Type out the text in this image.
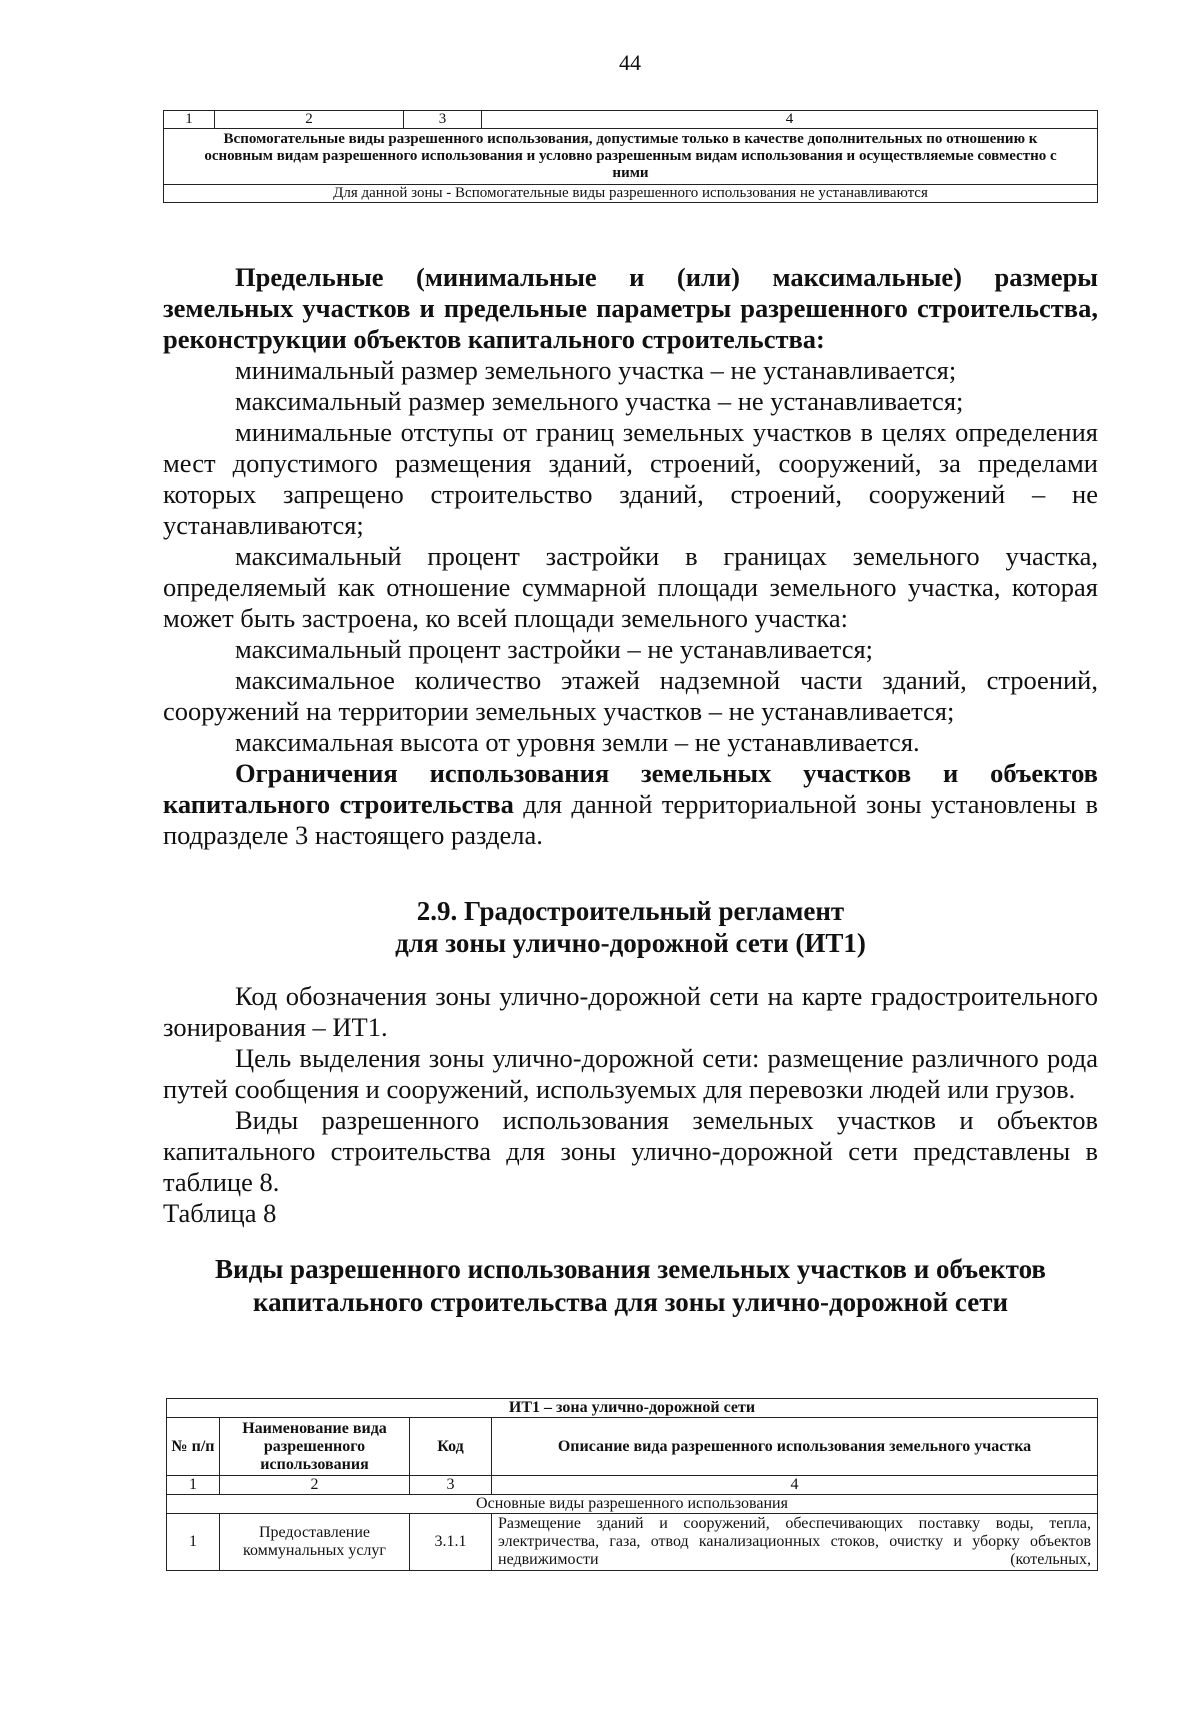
44
1	2	3	4
Вспомогательные виды разрешенного использования, допустимые только в качестве дополнительных по отношению к основным видам разрешенного использования и условно разрешенным видам использования и осуществляемые совместно с ними
Для данной зоны - Вспомогательные виды разрешенного использования не устанавливаются

Предельные (минимальные и (или) максимальные) размеры земельных участков и предельные параметры разрешенного строительства, реконструкции объектов капитального строительства:

минимальный размер земельного участка – не устанавливается;

максимальный размер земельного участка – не устанавливается;

минимальные отступы от границ земельных участков в целях определения мест допустимого размещения зданий, строений, сооружений, за пределами которых запрещено строительство зданий, строений, сооружений – не устанавливаются;

максимальный процент застройки в границах земельного участка, определяемый как отношение суммарной площади земельного участка, которая может быть застроена, ко всей площади земельного участка:

максимальный процент застройки – не устанавливается;

максимальное количество этажей надземной части зданий, строений, сооружений на территории земельных участков – не устанавливается;

максимальная высота от уровня земли – не устанавливается.

Ограничения использования земельных участков и объектов капитального строительства для данной территориальной зоны установлены в подразделе 3 настоящего раздела.

2.9. Градостроительный регламент
для зоны улично-дорожной сети (ИТ1)

Код обозначения зоны улично-дорожной сети на карте градостроительного зонирования – ИТ1.

Цель выделения зоны улично-дорожной сети: размещение различного рода путей сообщения и сооружений, используемых для перевозки людей или грузов.

Виды разрешенного использования земельных участков и объектов капитального строительства для зоны улично-дорожной сети представлены в таблице 8.

Таблица 8

Виды разрешенного использования земельных участков и объектов
капитального строительства для зоны улично-дорожной сети
ИТ1 – зона улично-дорожной сети			
№ п/п	Наименование вида разрешенного использования	Код	Описание вида разрешенного использования земельного участка
1	2	3	4
Основные виды разрешенного использования			
1	Предоставление коммунальных услуг	3.1.1	Размещение зданий и сооружений, обеспечивающих поставку воды, тепла, электричества, газа, отвод канализационных стоков, очистку и уборку объектов недвижимости (котельных,
